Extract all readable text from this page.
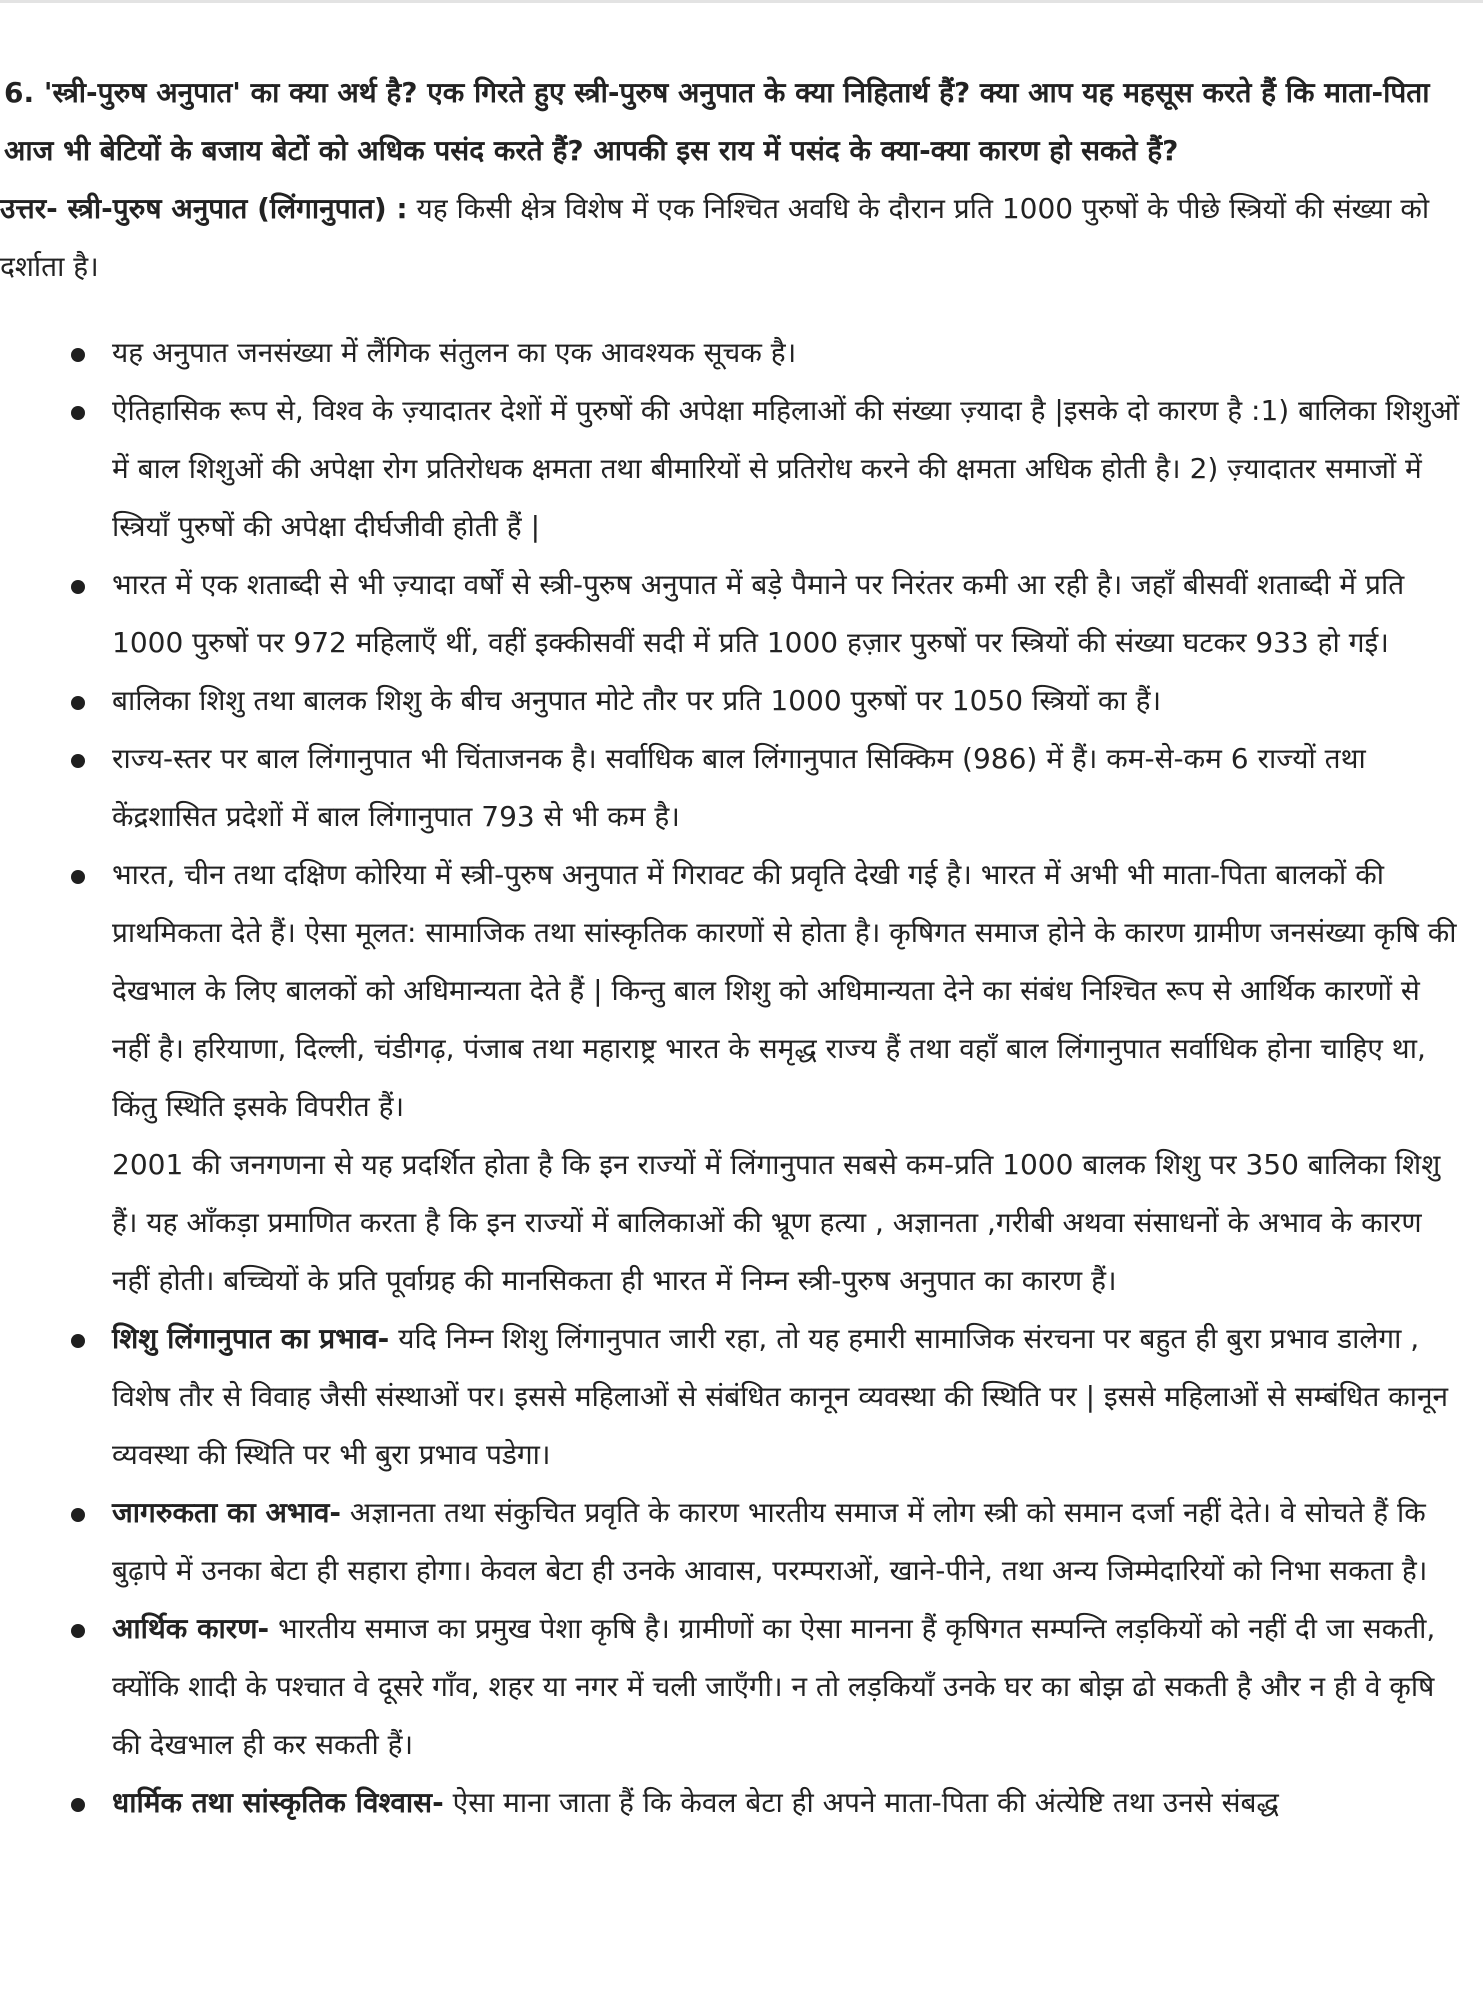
6. 'स्त्री-पुरुष अनुपात' का क्या अर्थ है? एक गिरते हुए स्त्री-पुरुष अनुपात के क्या निहितार्थ हैं? क्या आप यह महसूस करते हैं कि माता-पिता आज भी बेटियों के बजाय बेटों को अधिक पसंद करते हैं? आपकी इस राय में पसंद के क्या-क्या कारण हो सकते हैं?

उत्तर- स्त्री-पुरुष अनुपात (लिंगानुपात) : यह किसी क्षेत्र विशेष में एक निश्चित अवधि के दौरान प्रति 1000 पुरुषों के पीछे स्त्रियों की संख्या को दर्शाता है।

यह अनुपात जनसंख्या में लैंगिक संतुलन का एक आवश्यक सूचक है।

ऐतिहासिक रूप से, विश्व के ज़्यादातर देशों में पुरुषों की अपेक्षा महिलाओं की संख्या ज़्यादा है |इसके दो कारण है :1) बालिका शिशुओं में बाल शिशुओं की अपेक्षा रोग प्रतिरोधक क्षमता तथा बीमारियों से प्रतिरोध करने की क्षमता अधिक होती है। 2) ज़्यादातर समाजों में स्त्रियाँ पुरुषों की अपेक्षा दीर्घजीवी होती हैं |

भारत में एक शताब्दी से भी ज़्यादा वर्षों से स्त्री-पुरुष अनुपात में बड़े पैमाने पर निरंतर कमी आ रही है। जहाँ बीसवीं शताब्दी में प्रति 1000 पुरुषों पर 972 महिलाएँ थीं, वहीं इक्कीसवीं सदी में प्रति 1000 हज़ार पुरुषों पर स्त्रियों की संख्या घटकर 933 हो गई।

बालिका शिशु तथा बालक शिशु के बीच अनुपात मोटे तौर पर प्रति 1000 पुरुषों पर 1050 स्त्रियों का हैं।

राज्य-स्तर पर बाल लिंगानुपात भी चिंताजनक है। सर्वाधिक बाल लिंगानुपात सिक्किम (986) में हैं। कम-से-कम 6 राज्यों तथा केंद्रशासित प्रदेशों में बाल लिंगानुपात 793 से भी कम है।

भारत, चीन तथा दक्षिण कोरिया में स्त्री-पुरुष अनुपात में गिरावट की प्रवृति देखी गई है। भारत में अभी भी माता-पिता बालकों की प्राथमिकता देते हैं। ऐसा मूलत: सामाजिक तथा सांस्कृतिक कारणों से होता है। कृषिगत समाज होने के कारण ग्रामीण जनसंख्या कृषि की देखभाल के लिए बालकों को अधिमान्यता देते हैं | किन्तु बाल शिशु को अधिमान्यता देने का संबंध निश्चित रूप से आर्थिक कारणों से नहीं है। हरियाणा, दिल्ली, चंडीगढ़, पंजाब तथा महाराष्ट्र भारत के समृद्ध राज्य हैं तथा वहाँ बाल लिंगानुपात सर्वाधिक होना चाहिए था, किंतु स्थिति इसके विपरीत हैं।

2001 की जनगणना से यह प्रदर्शित होता है कि इन राज्यों में लिंगानुपात सबसे कम-प्रति 1000 बालक शिशु पर 350 बालिका शिशु हैं। यह आँकड़ा प्रमाणित करता है कि इन राज्यों में बालिकाओं की भ्रूण हत्या , अज्ञानता ,गरीबी अथवा संसाधनों के अभाव के कारण नहीं होती। बच्चियों के प्रति पूर्वाग्रह की मानसिकता ही भारत में निम्न स्त्री-पुरुष अनुपात का कारण हैं।

शिशु लिंगानुपात का प्रभाव- यदि निम्न शिशु लिंगानुपात जारी रहा, तो यह हमारी सामाजिक संरचना पर बहुत ही बुरा प्रभाव डालेगा , विशेष तौर से विवाह जैसी संस्थाओं पर। इससे महिलाओं से संबंधित कानून व्यवस्था की स्थिति पर | इससे महिलाओं से सम्बंधित कानून व्यवस्था की स्थिति पर भी बुरा प्रभाव पडेगा।

जागरुकता का अभाव- अज्ञानता तथा संकुचित प्रवृति के कारण भारतीय समाज में लोग स्त्री को समान दर्जा नहीं देते। वे सोचते हैं कि बुढ़ापे में उनका बेटा ही सहारा होगा। केवल बेटा ही उनके आवास, परम्पराओं, खाने-पीने, तथा अन्य जिम्मेदारियों को निभा सकता है।

आर्थिक कारण- भारतीय समाज का प्रमुख पेशा कृषि है। ग्रामीणों का ऐसा मानना हैं कृषिगत सम्पन्ति लड़कियों को नहीं दी जा सकती, क्योंकि शादी के पश्चात वे दूसरे गाँव, शहर या नगर में चली जाएँगी। न तो लड़कियाँ उनके घर का बोझ ढो सकती है और न ही वे कृषि की देखभाल ही कर सकती हैं।

धार्मिक तथा सांस्कृतिक विश्वास- ऐसा माना जाता हैं कि केवल बेटा ही अपने माता-पिता की अंत्येष्टि तथा उनसे संबद्ध
